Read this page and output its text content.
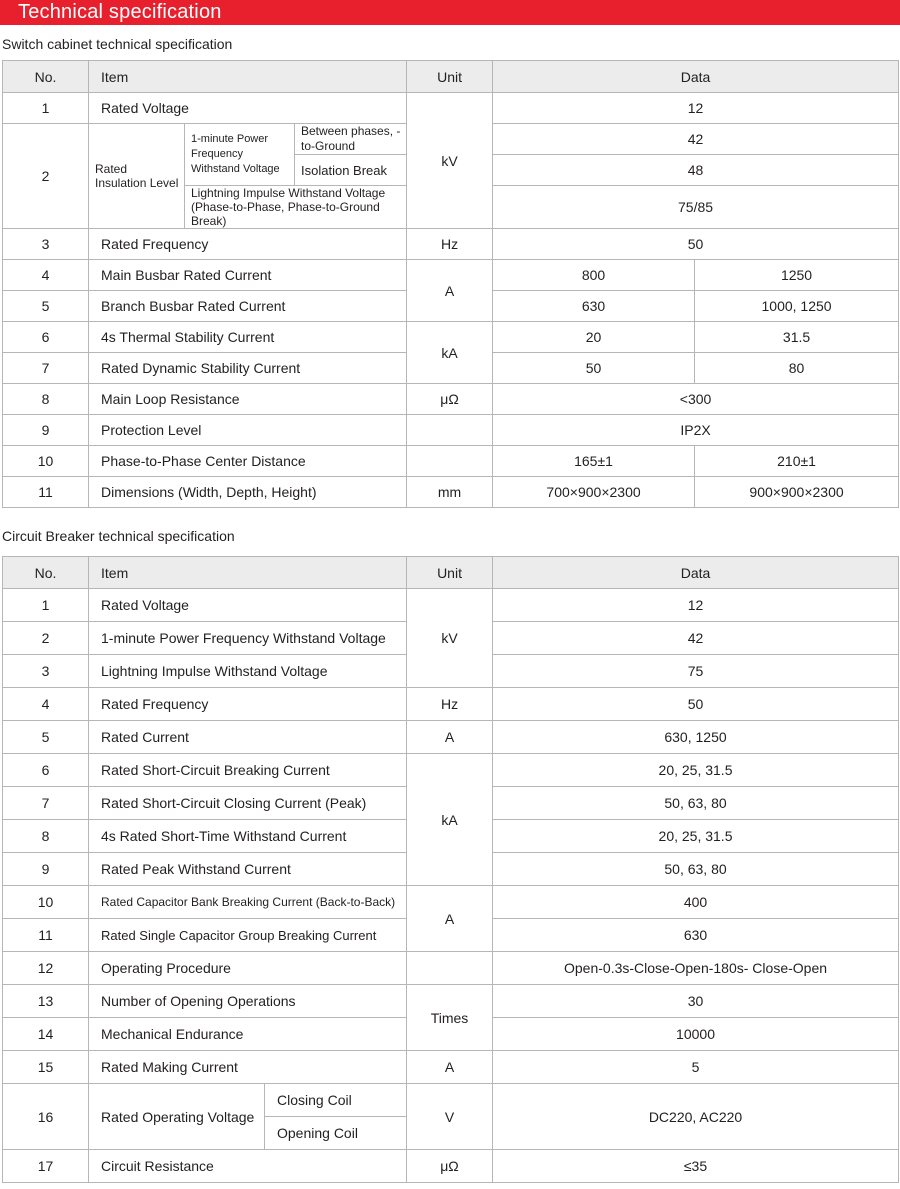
Technical specification
Switch cabinet technical specification
No.	Item			Unit	Data	
1	Rated Voltage			kV	12	
2	Rated Insulation Level	1-minute Power Frequency Withstand Voltage	Between phases, -to-Ground		42	
			Isolation Break		48	
		Lightning Impulse Withstand Voltage (Phase-to-Phase, Phase-to-Ground Break)			75/85	
3	Rated Frequency			Hz	50	
4	Main Busbar Rated Current			A	800	1250
5	Branch Busbar Rated Current				630	1000, 1250
6	4s Thermal Stability Current			kA	20	31.5
7	Rated Dynamic Stability Current				50	80
8	Main Loop Resistance			μΩ	<300	
9	Protection Level				IP2X	
10	Phase-to-Phase Center Distance				165±1	210±1
11	Dimensions (Width, Depth, Height)			mm	700×900×2300	900×900×2300
Circuit Breaker technical specification
No.	Item		Unit	Data
1	Rated Voltage		kV	12
2	1-minute Power Frequency Withstand Voltage			42
3	Lightning Impulse Withstand Voltage			75
4	Rated Frequency		Hz	50
5	Rated Current		A	630, 1250
6	Rated Short-Circuit Breaking Current		kA	20, 25, 31.5
7	Rated Short-Circuit Closing Current (Peak)			50, 63, 80
8	4s Rated Short-Time Withstand Current			20, 25, 31.5
9	Rated Peak Withstand Current			50, 63, 80
10	Rated Capacitor Bank Breaking Current (Back-to-Back)		A	400
11	Rated Single Capacitor Group Breaking Current			630
12	Operating Procedure			Open-0.3s-Close-Open-180s- Close-Open
13	Number of Opening Operations		Times	30
14	Mechanical Endurance			10000
15	Rated Making Current		A	5
16	Rated Operating Voltage	Closing Coil	V	DC220, AC220
		Opening Coil		
17	Circuit Resistance		μΩ	≤35
